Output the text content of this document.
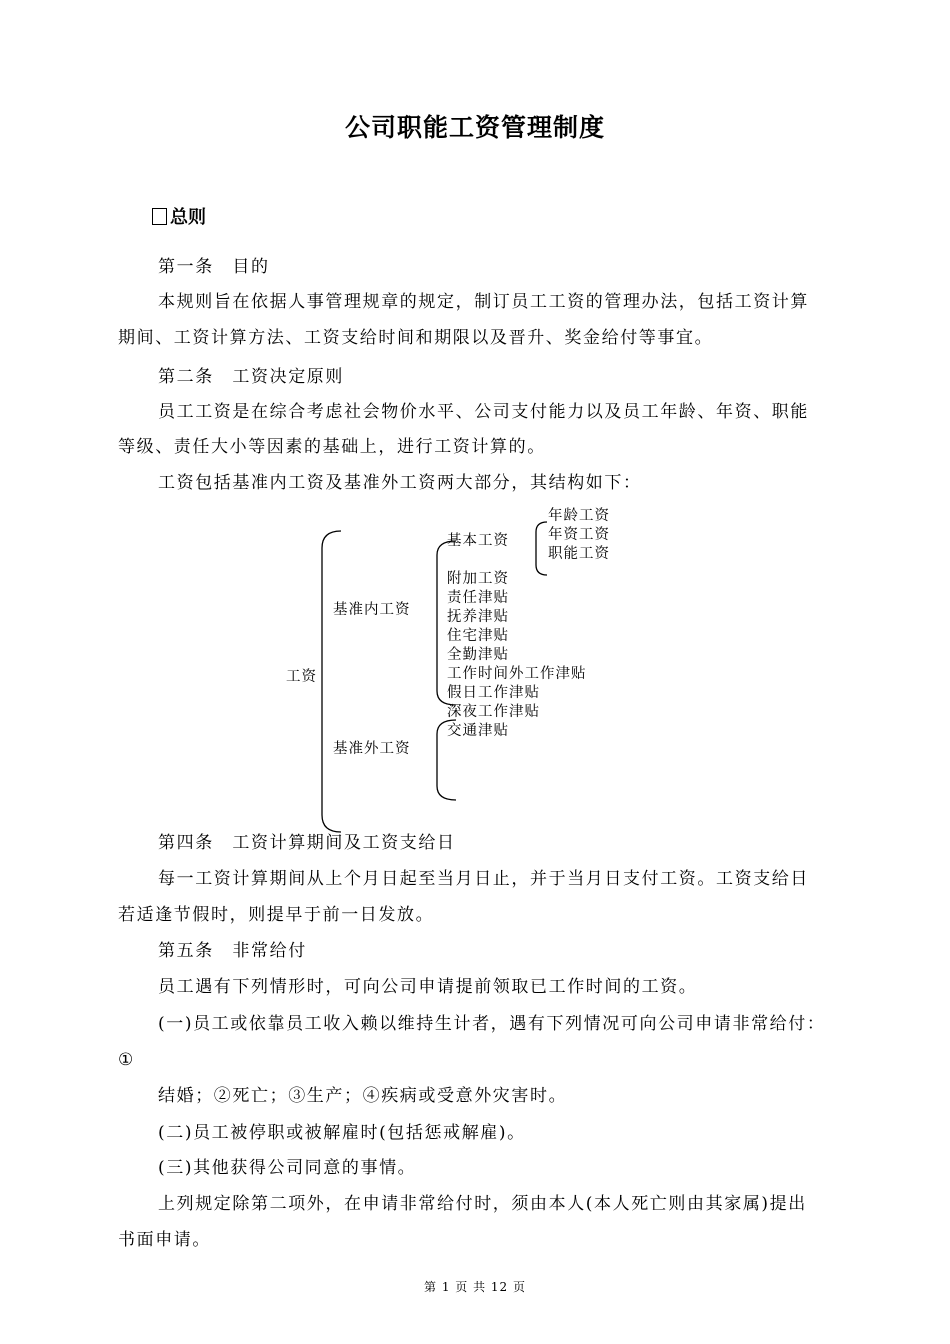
公司职能工资管理制度
总则
第一条　目的
本规则旨在依据人事管理规章的规定，制订员工工资的管理办法，包括工资计算
期间、工资计算方法、工资支给时间和期限以及晋升、奖金给付等事宜。
第二条　工资决定原则
员工工资是在综合考虑社会物价水平、公司支付能力以及员工年龄、年资、职能
等级、责任大小等因素的基础上，进行工资计算的。
工资包括基准内工资及基准外工资两大部分，其结构如下：
工资
基准内工资
基准外工资
基本工资
年龄工资
年资工资
职能工资
附加工资
责任津贴
抚养津贴
住宅津贴
全勤津贴
工作时间外工作津贴
假日工作津贴
深夜工作津贴
交通津贴
第四条　工资计算期间及工资支给日
每一工资计算期间从上个月日起至当月日止，并于当月日支付工资。工资支给日
若适逢节假时，则提早于前一日发放。
第五条　非常给付
员工遇有下列情形时，可向公司申请提前领取已工作时间的工资。
(一)员工或依靠员工收入赖以维持生计者，遇有下列情况可向公司申请非常给付：
①
结婚；②死亡；③生产；④疾病或受意外灾害时。
(二)员工被停职或被解雇时(包括惩戒解雇)。
(三)其他获得公司同意的事情。
上列规定除第二项外，在申请非常给付时，须由本人(本人死亡则由其家属)提出
书面申请。
第 1 页 共 12 页
